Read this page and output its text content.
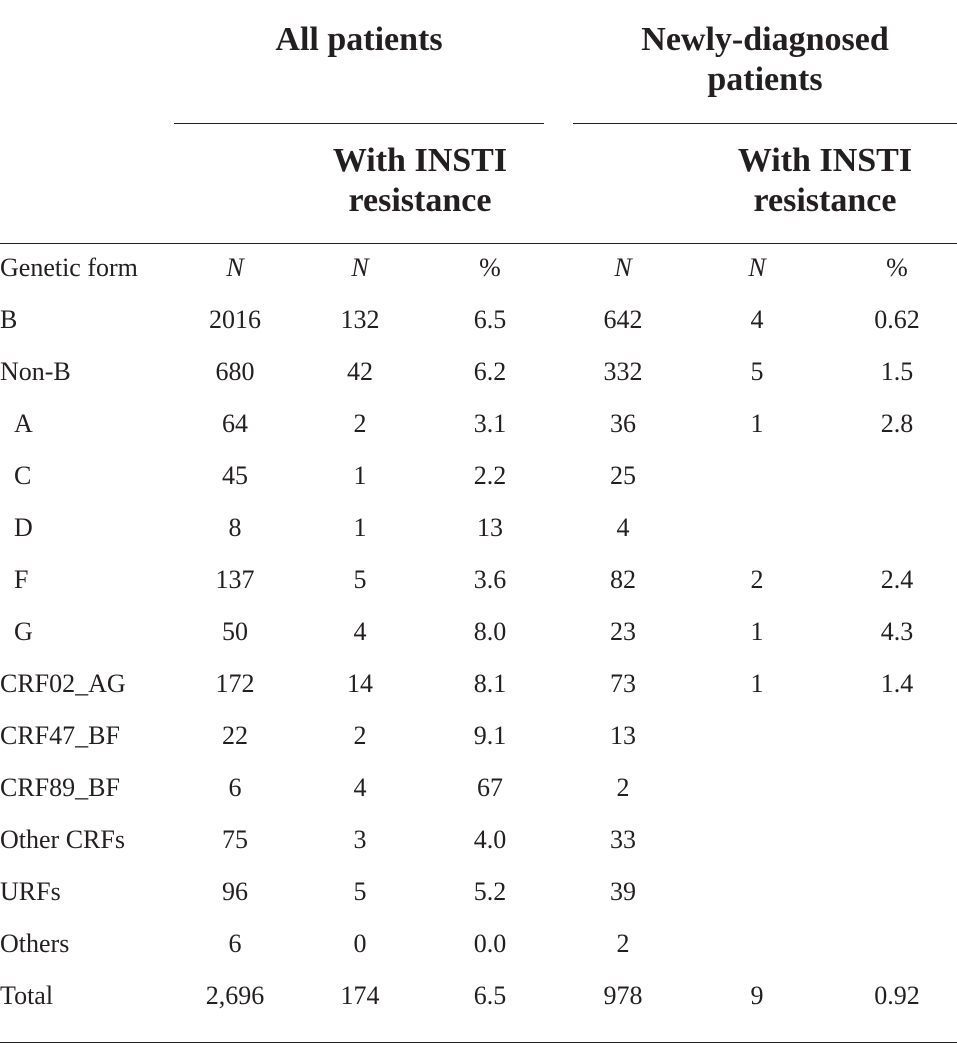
All patients	Newly-diagnosed patients
With INSTI resistance
With INSTI resistance
Genetic form	N	N	%	N	N	%
B	2016	132	6.5	642	4	0.62
Non-B	680	42	6.2	332	5	1.5
A	64	2	3.1	36	1	2.8
C	45	1	2.2	25
D	8	1	13	4
F	137	5	3.6	82	2	2.4
G	50	4	8.0	23	1	4.3
CRF02_AG	172	14	8.1	73	1	1.4
CRF47_BF	22	2	9.1	13
CRF89_BF	6	4	67	2
Other CRFs	75	3	4.0	33
URFs	96	5	5.2	39
Others	6	0	0.0	2
Total	2,696	174	6.5	978	9	0.92
